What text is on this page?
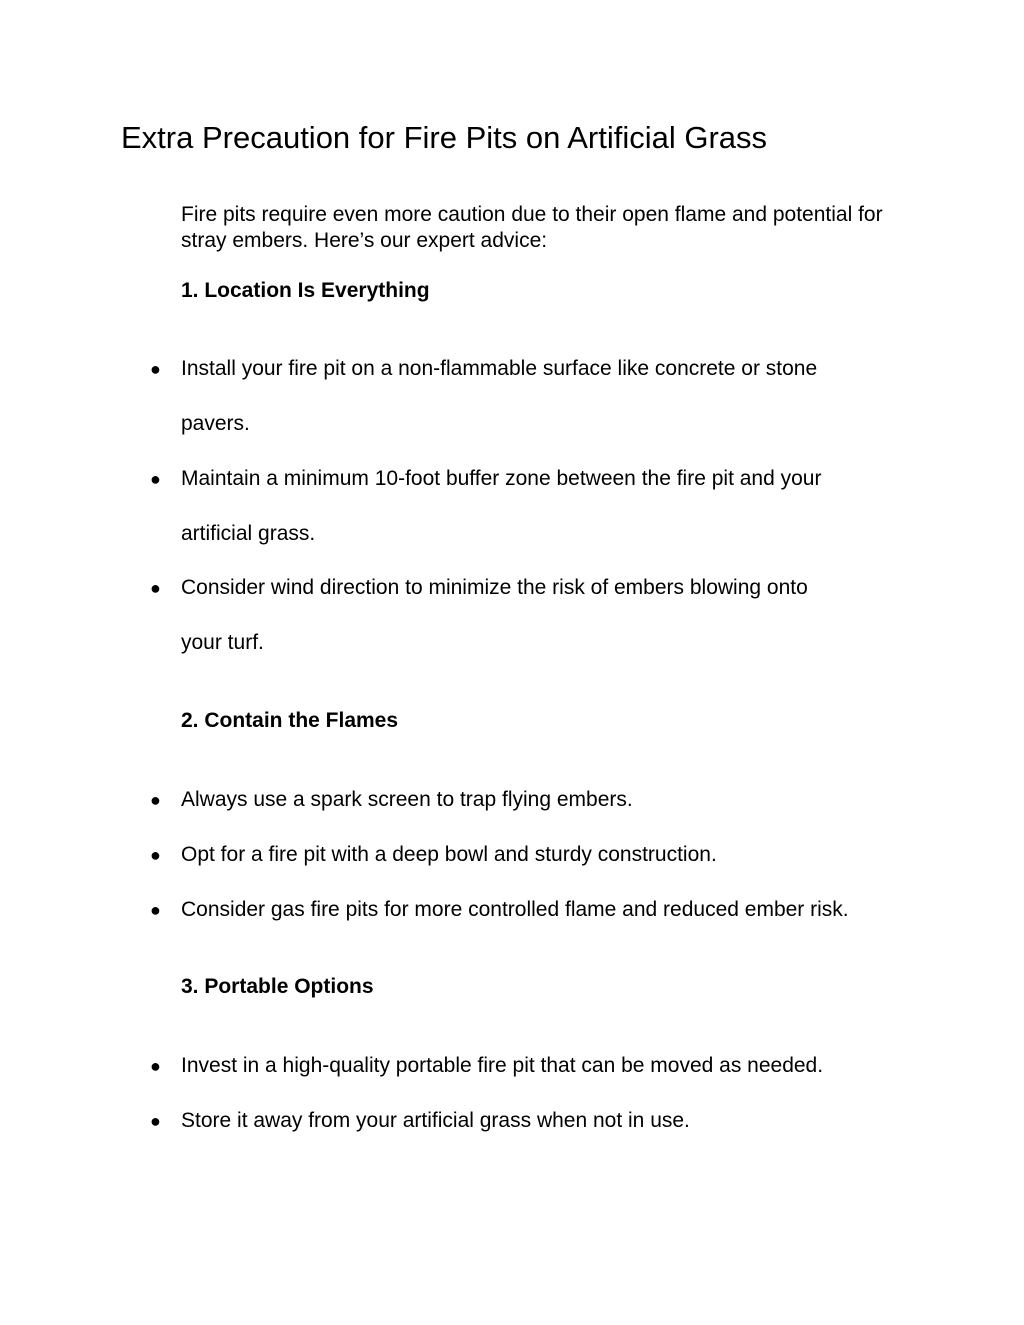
Extra Precaution for Fire Pits on Artificial Grass

Fire pits require even more caution due to their open flame and potential for stray embers. Here’s our expert advice:

1. Location Is Everything
● Install your fire pit on a non-flammable surface like concrete or stone
pavers.
● Maintain a minimum 10-foot buffer zone between the fire pit and your
artificial grass.
● Consider wind direction to minimize the risk of embers blowing onto
your turf.
2. Contain the Flames
● Always use a spark screen to trap flying embers.
● Opt for a fire pit with a deep bowl and sturdy construction.
● Consider gas fire pits for more controlled flame and reduced ember risk.
3. Portable Options
● Invest in a high-quality portable fire pit that can be moved as needed.
● Store it away from your artificial grass when not in use.
